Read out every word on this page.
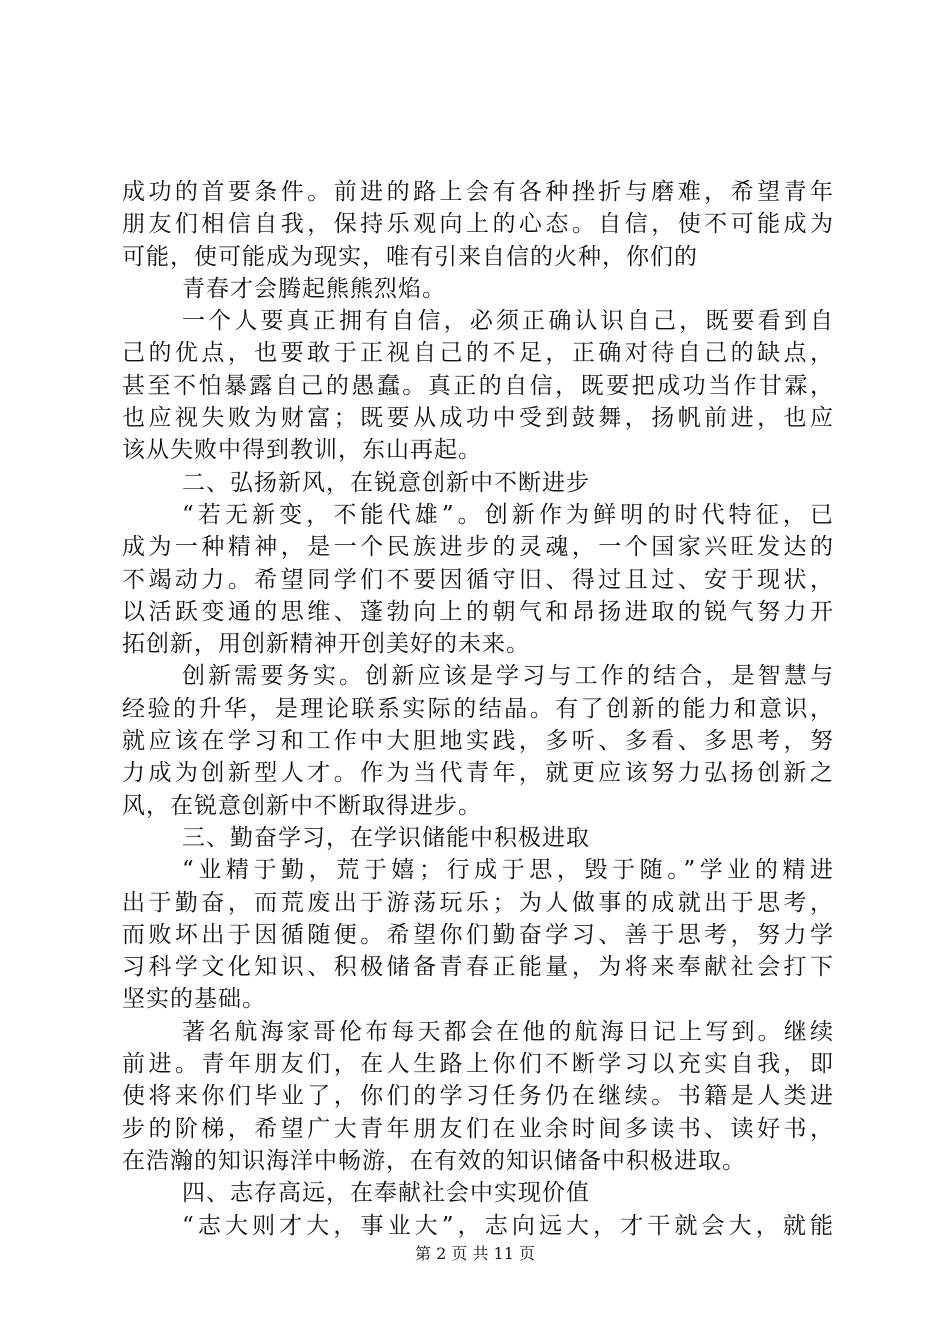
成功的首要条件。前进的路上会有各种挫折与磨难，希望青年
朋友们相信自我，保持乐观向上的心态。自信，使不可能成为
可能，使可能成为现实，唯有引来自信的火种，你们的
青春才会腾起熊熊烈焰。
一个人要真正拥有自信，必须正确认识自己，既要看到自
己的优点，也要敢于正视自己的不足，正确对待自己的缺点，
甚至不怕暴露自己的愚蠢。真正的自信，既要把成功当作甘霖，
也应视失败为财富；既要从成功中受到鼓舞，扬帆前进，也应
该从失败中得到教训，东山再起。
二、弘扬新风，在锐意创新中不断进步
“若无新变，不能代雄”。创新作为鲜明的时代特征，已
成为一种精神，是一个民族进步的灵魂，一个国家兴旺发达的
不竭动力。希望同学们不要因循守旧、得过且过、安于现状，
以活跃变通的思维、蓬勃向上的朝气和昂扬进取的锐气努力开
拓创新，用创新精神开创美好的未来。
创新需要务实。创新应该是学习与工作的结合，是智慧与
经验的升华，是理论联系实际的结晶。有了创新的能力和意识，
就应该在学习和工作中大胆地实践，多听、多看、多思考，努
力成为创新型人才。作为当代青年，就更应该努力弘扬创新之
风，在锐意创新中不断取得进步。
三、勤奋学习，在学识储能中积极进取
“业精于勤，荒于嬉；行成于思，毁于随。”学业的精进
出于勤奋，而荒废出于游荡玩乐；为人做事的成就出于思考，
而败坏出于因循随便。希望你们勤奋学习、善于思考，努力学
习科学文化知识、积极储备青春正能量，为将来奉献社会打下
坚实的基础。
著名航海家哥伦布每天都会在他的航海日记上写到。继续
前进。青年朋友们，在人生路上你们不断学习以充实自我，即
使将来你们毕业了，你们的学习任务仍在继续。书籍是人类进
步的阶梯，希望广大青年朋友们在业余时间多读书、读好书，
在浩瀚的知识海洋中畅游，在有效的知识储备中积极进取。
四、志存高远，在奉献社会中实现价值
“志大则才大，事业大”，志向远大，才干就会大，就能
第 2 页 共 11 页
